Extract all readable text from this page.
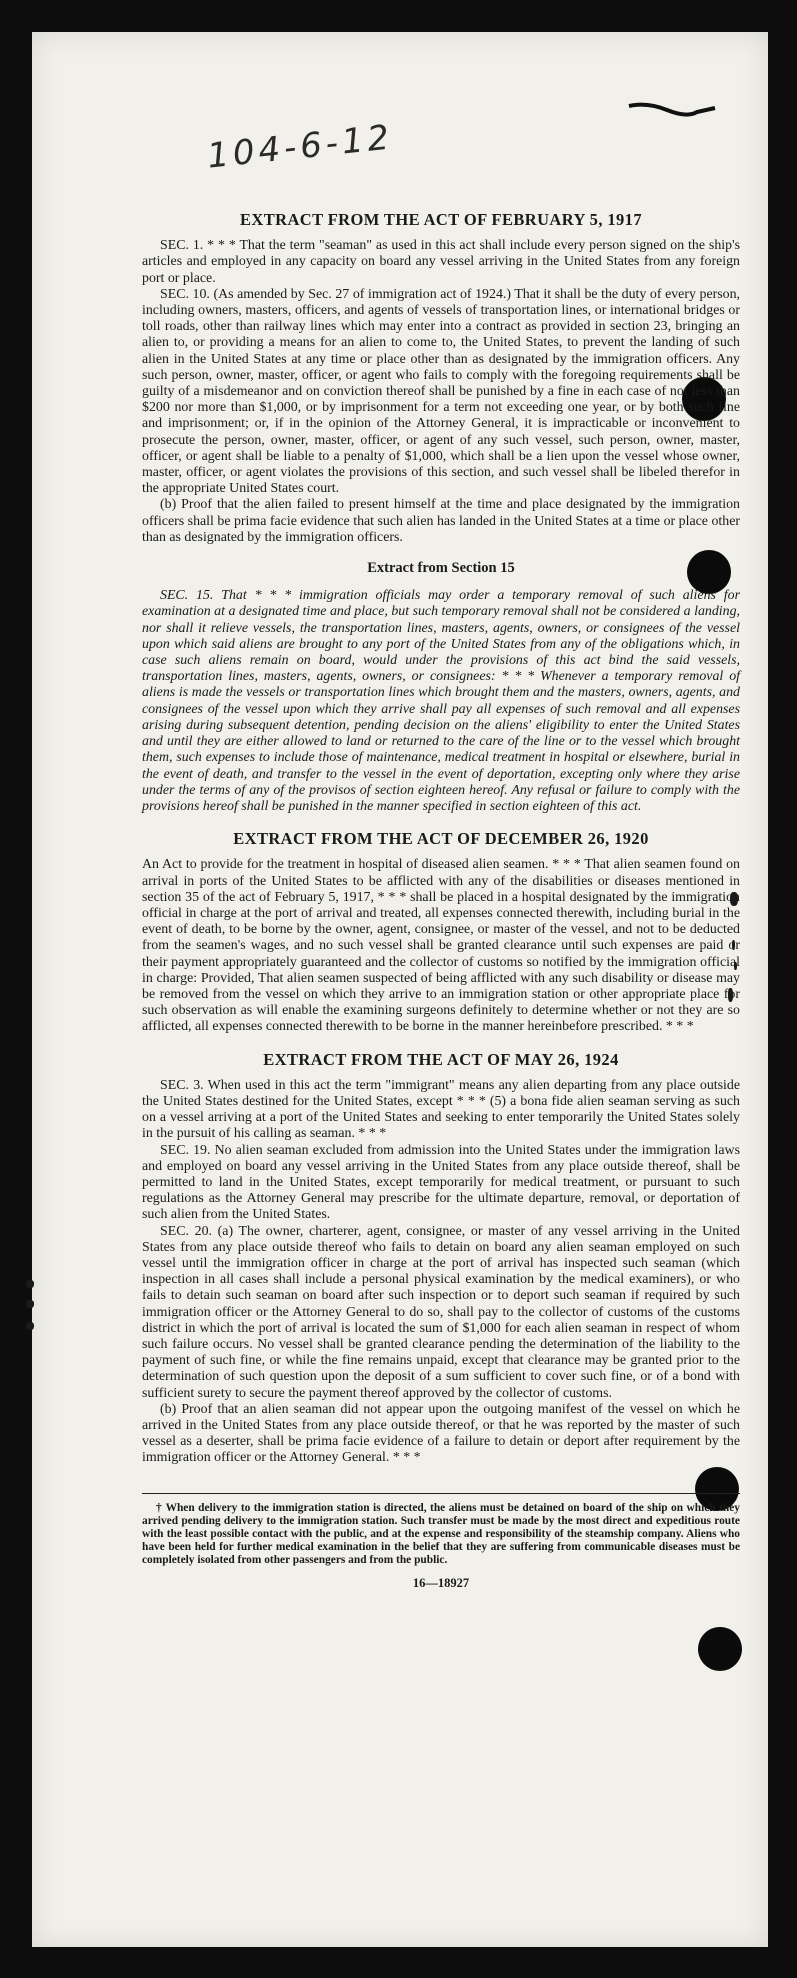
104-6-12
EXTRACT FROM THE ACT OF FEBRUARY 5, 1917

SEC. 1. * * * That the term "seaman" as used in this act shall include every person signed on the ship's articles and employed in any capacity on board any vessel arriving in the United States from any foreign port or place.

SEC. 10. (As amended by Sec. 27 of immigration act of 1924.) That it shall be the duty of every person, including owners, masters, officers, and agents of vessels of transportation lines, or international bridges or toll roads, other than railway lines which may enter into a contract as provided in section 23, bringing an alien to, or providing a means for an alien to come to, the United States, to prevent the landing of such alien in the United States at any time or place other than as designated by the immigration officers. Any such person, owner, master, officer, or agent who fails to comply with the foregoing requirements shall be guilty of a misdemeanor and on conviction thereof shall be punished by a fine in each case of not less than $200 nor more than $1,000, or by imprisonment for a term not exceeding one year, or by both such fine and imprisonment; or, if in the opinion of the Attorney General, it is impracticable or inconvenient to prosecute the person, owner, master, officer, or agent of any such vessel, such person, owner, master, officer, or agent shall be liable to a penalty of $1,000, which shall be a lien upon the vessel whose owner, master, officer, or agent violates the provisions of this section, and such vessel shall be libeled therefor in the appropriate United States court.

(b) Proof that the alien failed to present himself at the time and place designated by the immigration officers shall be prima facie evidence that such alien has landed in the United States at a time or place other than as designated by the immigration officers.

Extract from Section 15

SEC. 15. That * * * immigration officials may order a temporary removal of such aliens for examination at a designated time and place, but such temporary removal shall not be considered a landing, nor shall it relieve vessels, the transportation lines, masters, agents, owners, or consignees of the vessel upon which said aliens are brought to any port of the United States from any of the obligations which, in case such aliens remain on board, would under the provisions of this act bind the said vessels, transportation lines, masters, agents, owners, or consignees: * * * Whenever a temporary removal of aliens is made the vessels or transportation lines which brought them and the masters, owners, agents, and consignees of the vessel upon which they arrive shall pay all expenses of such removal and all expenses arising during subsequent detention, pending decision on the aliens' eligibility to enter the United States and until they are either allowed to land or returned to the care of the line or to the vessel which brought them, such expenses to include those of maintenance, medical treatment in hospital or elsewhere, burial in the event of death, and transfer to the vessel in the event of deportation, excepting only where they arise under the terms of any of the provisos of section eighteen hereof. Any refusal or failure to comply with the provisions hereof shall be punished in the manner specified in section eighteen of this act.

EXTRACT FROM THE ACT OF DECEMBER 26, 1920

An Act to provide for the treatment in hospital of diseased alien seamen. * * * That alien seamen found on arrival in ports of the United States to be afflicted with any of the disabilities or diseases mentioned in section 35 of the act of February 5, 1917, * * * shall be placed in a hospital designated by the immigration official in charge at the port of arrival and treated, all expenses connected therewith, including burial in the event of death, to be borne by the owner, agent, consignee, or master of the vessel, and not to be deducted from the seamen's wages, and no such vessel shall be granted clearance until such expenses are paid or their payment appropriately guaranteed and the collector of customs so notified by the immigration official in charge: Provided, That alien seamen suspected of being afflicted with any such disability or disease may be removed from the vessel on which they arrive to an immigration station or other appropriate place for such observation as will enable the examining surgeons definitely to determine whether or not they are so afflicted, all expenses connected therewith to be borne in the manner hereinbefore prescribed. * * *

EXTRACT FROM THE ACT OF MAY 26, 1924

SEC. 3. When used in this act the term "immigrant" means any alien departing from any place outside the United States destined for the United States, except * * * (5) a bona fide alien seaman serving as such on a vessel arriving at a port of the United States and seeking to enter temporarily the United States solely in the pursuit of his calling as seaman. * * *

SEC. 19. No alien seaman excluded from admission into the United States under the immigration laws and employed on board any vessel arriving in the United States from any place outside thereof, shall be permitted to land in the United States, except temporarily for medical treatment, or pursuant to such regulations as the Attorney General may prescribe for the ultimate departure, removal, or deportation of such alien from the United States.

SEC. 20. (a) The owner, charterer, agent, consignee, or master of any vessel arriving in the United States from any place outside thereof who fails to detain on board any alien seaman employed on such vessel until the immigration officer in charge at the port of arrival has inspected such seaman (which inspection in all cases shall include a personal physical examination by the medical examiners), or who fails to detain such seaman on board after such inspection or to deport such seaman if required by such immigration officer or the Attorney General to do so, shall pay to the collector of customs of the customs district in which the port of arrival is located the sum of $1,000 for each alien seaman in respect of whom such failure occurs. No vessel shall be granted clearance pending the determination of the liability to the payment of such fine, or while the fine remains unpaid, except that clearance may be granted prior to the determination of such question upon the deposit of a sum sufficient to cover such fine, or of a bond with sufficient surety to secure the payment thereof approved by the collector of customs.

(b) Proof that an alien seaman did not appear upon the outgoing manifest of the vessel on which he arrived in the United States from any place outside thereof, or that he was reported by the master of such vessel as a deserter, shall be prima facie evidence of a failure to detain or deport after requirement by the immigration officer or the Attorney General. * * *

† When delivery to the immigration station is directed, the aliens must be detained on board of the ship on which they arrived pending delivery to the immigration station. Such transfer must be made by the most direct and expeditious route with the least possible contact with the public, and at the expense and responsibility of the steamship company. Aliens who have been held for further medical examination in the belief that they are suffering from communicable diseases must be completely isolated from other passengers and from the public.

16—18927
